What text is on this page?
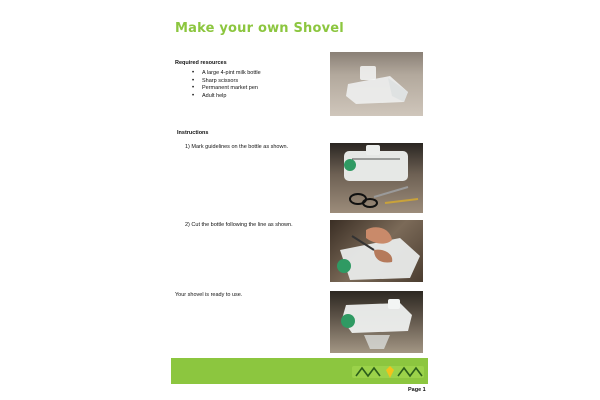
Make your own Shovel
Required resources
• A large 4-pint milk bottle
• Sharp scissors
• Permanent market pen
• Adult help
Instructions
1) Mark guidelines on the bottle as shown.
2) Cut the bottle following the line as shown.
Your shovel is ready to use.
Page 1
